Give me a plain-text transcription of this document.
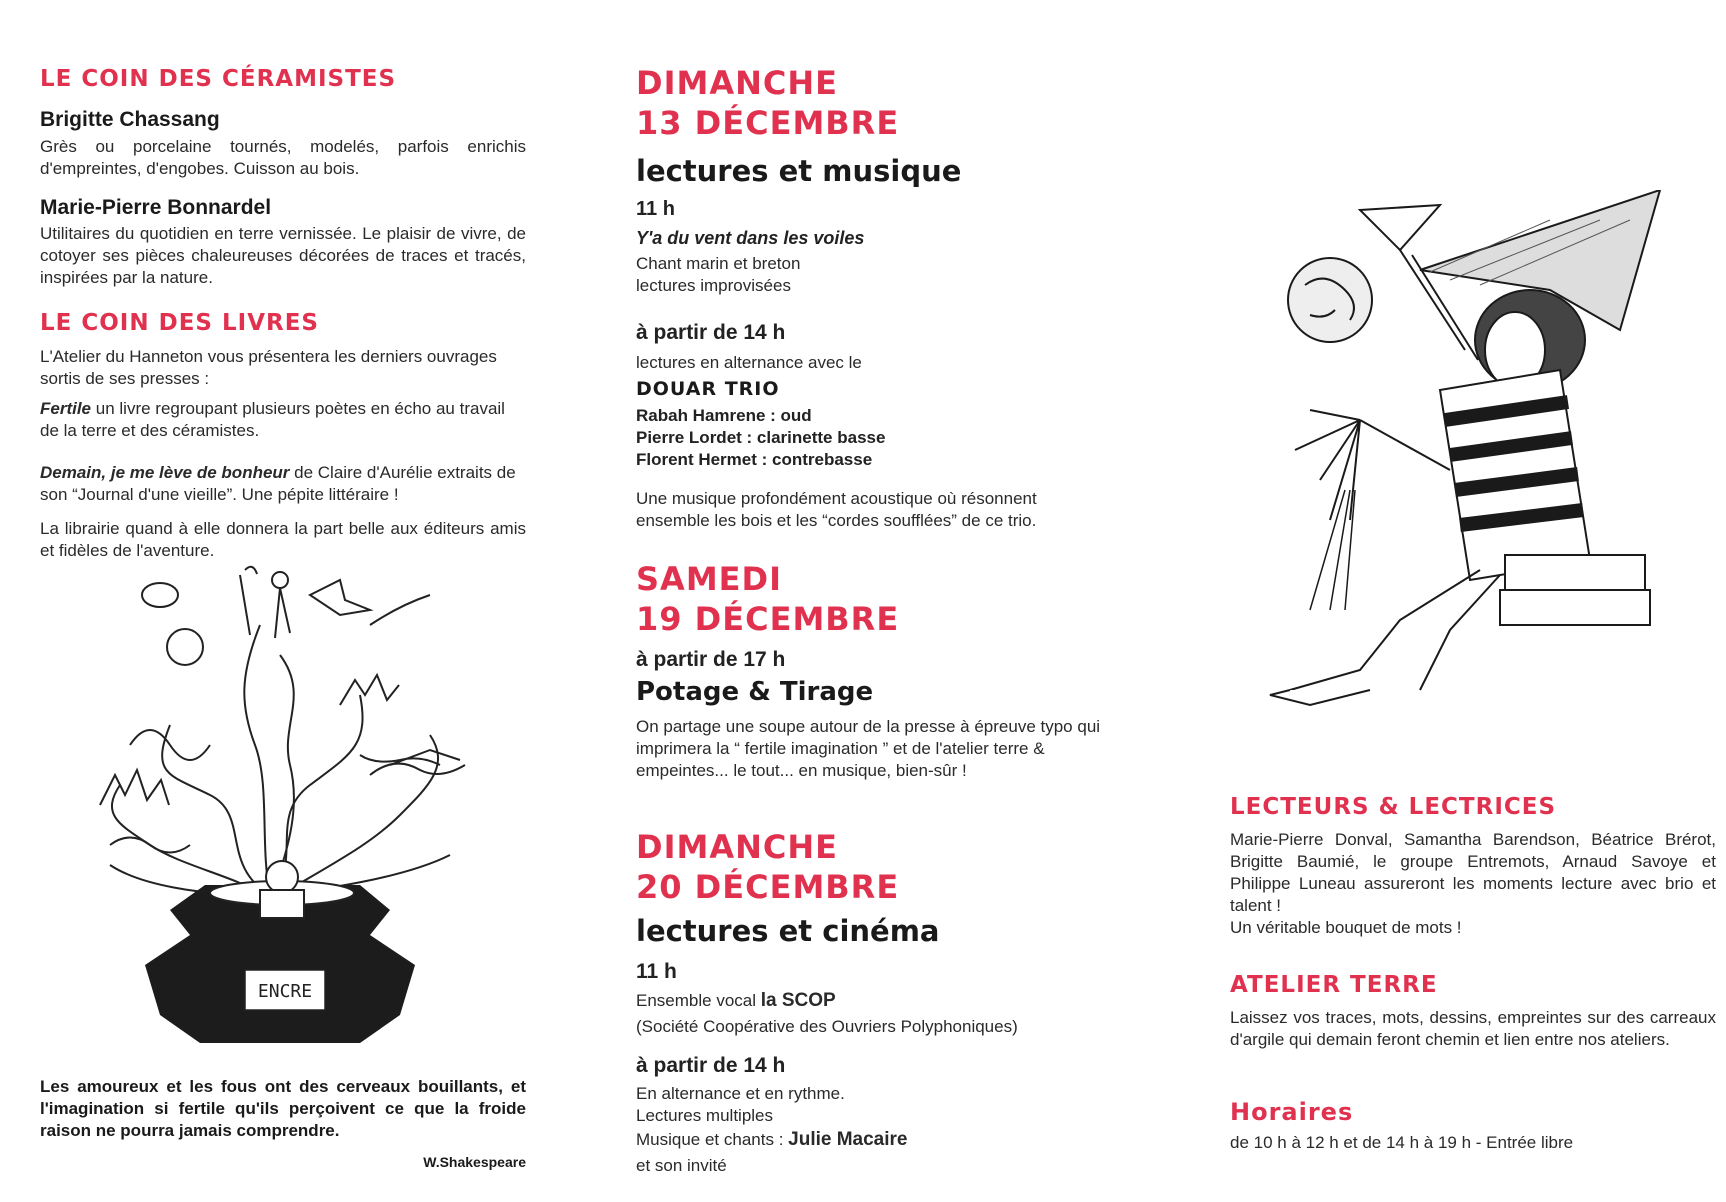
LE COIN DES CÉRAMISTES
Brigitte Chassang

Grès ou porcelaine tournés, modelés, parfois enrichis d'empreintes, d'engobes. Cuisson au bois.

Marie-Pierre Bonnardel

Utilitaires du quotidien en terre vernissée. Le plaisir de vivre, de cotoyer ses pièces chaleureuses décorées de traces et tracés, inspirées par la nature.

LE COIN DES LIVRES

L'Atelier du Hanneton vous présentera les derniers ouvrages sortis de ses presses :

Fertile un livre regroupant plusieurs poètes en écho au travail de la terre et des céramistes.

Demain, je me lève de bonheur de Claire d'Aurélie extraits de son “Journal d'une vieille”. Une pépite littéraire !

La librairie quand à elle donnera la part belle aux éditeurs amis et fidèles de l'aventure.

ENCRE

Les amoureux et les fous ont des cerveaux bouillants, et l'imagination si fertile qu'ils perçoivent ce que la froide raison ne pourra jamais comprendre.

W.Shakespeare
DIMANCHE
13 DÉCEMBRE
lectures et musique
11 h
Y'a du vent dans les voiles
Chant marin et breton
lectures improvisées
à partir de 14 h
lectures en alternance avec le
DOUAR TRIO
Rabah Hamrene : oud
Pierre Lordet : clarinette basse
Florent Hermet : contrebasse

Une musique profondément acoustique où résonnent ensemble les bois et les “cordes soufflées” de ce trio.

SAMEDI
19 DÉCEMBRE
à partir de 17 h
Potage & Tirage

On partage une soupe autour de la presse à épreuve typo qui imprimera la “ fertile imagination ” et de l'atelier terre & empeintes... le tout... en musique, bien-sûr !

DIMANCHE
20 DÉCEMBRE
lectures et cinéma
11 h
Ensemble vocal la SCOP
(Société Coopérative des Ouvriers Polyphoniques)
à partir de 14 h
En alternance et en rythme.
Lectures multiples
Musique et chants : Julie Macaire
et son invité
LECTEURS & LECTRICES

Marie-Pierre Donval, Samantha Barendson, Béatrice Brérot, Brigitte Baumié, le groupe Entremots, Arnaud Savoye et Philippe Luneau assureront les moments lecture avec brio et talent !

Un véritable bouquet de mots !
ATELIER TERRE

Laissez vos traces, mots, dessins, empreintes sur des carreaux d'argile qui demain feront chemin et lien entre nos ateliers.

Horaires
de 10 h à 12 h et de 14 h à 19 h - Entrée libre
